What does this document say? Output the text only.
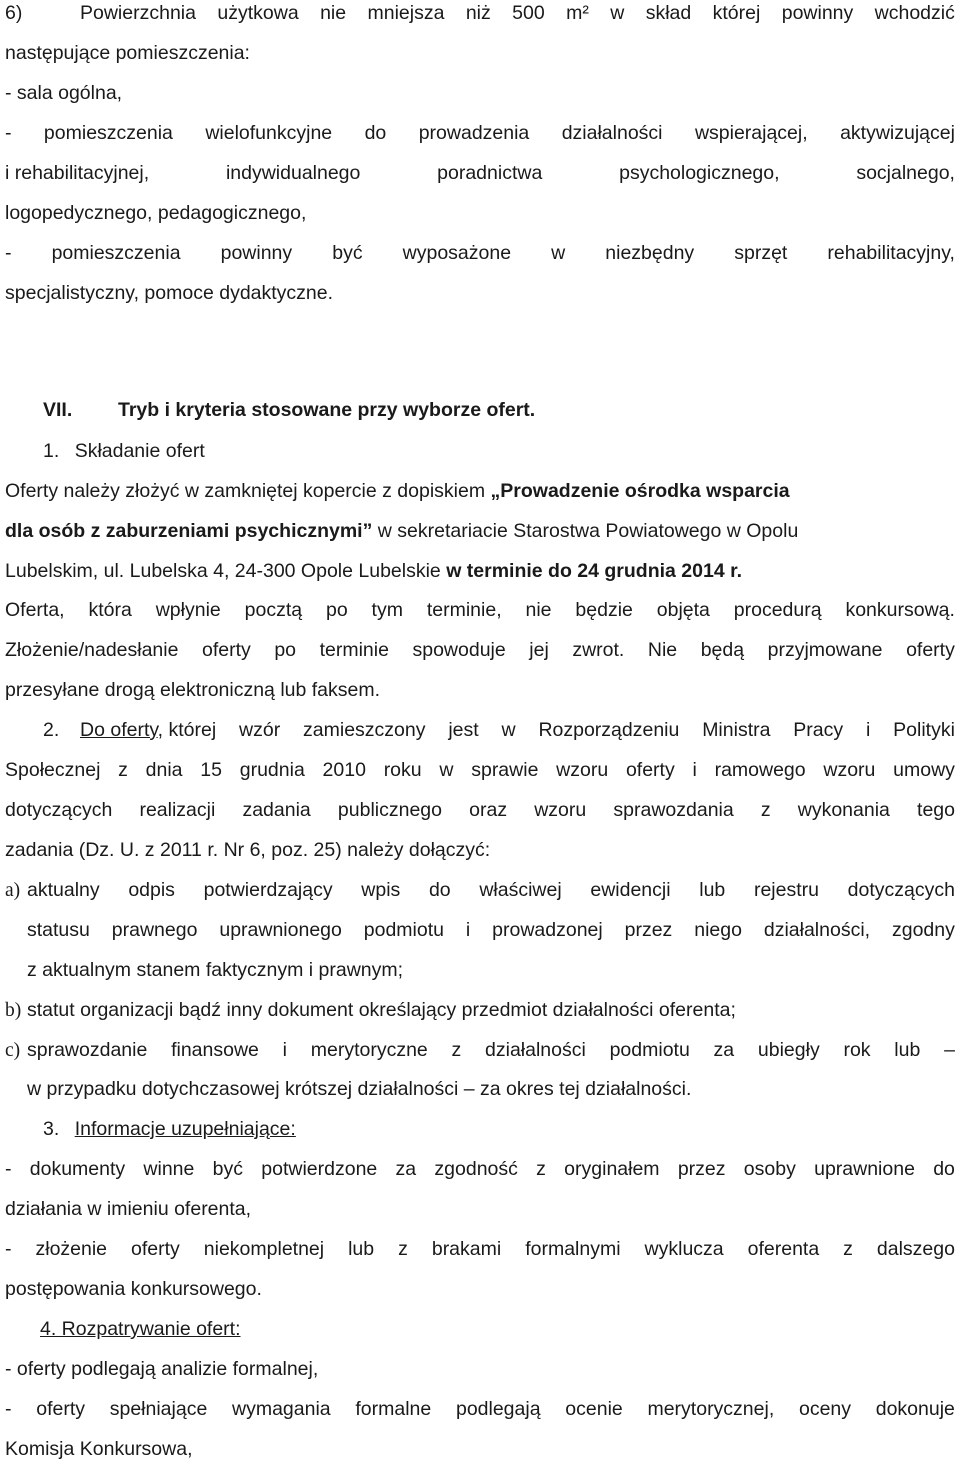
6)	Powierzchnia użytkowa nie mniejsza niż 500 m² w skład której powinny wchodzić
następujące pomieszczenia:
- sala ogólna,
- pomieszczenia wielofunkcyjne do prowadzenia działalności wspierającej, aktywizującej
i rehabilitacyjnej,	indywidualnego	poradnictwa	psychologicznego,	socjalnego,
logopedycznego, pedagogicznego,
- pomieszczenia powinny być wyposażone w niezbędny sprzęt rehabilitacyjny,
specjalistyczny, pomoce dydaktyczne.
VII. Tryb i kryteria stosowane przy wyborze ofert.
1. Składanie ofert
Oferty należy złożyć w zamkniętej kopercie z dopiskiem „Prowadzenie ośrodka wsparcia
dla osób z zaburzeniami psychicznymi” w sekretariacie Starostwa Powiatowego w Opolu
Lubelskim, ul. Lubelska 4, 24-300 Opole Lubelskie w terminie do 24 grudnia 2014 r.
Oferta, która wpłynie pocztą po tym terminie, nie będzie objęta procedurą konkursową.
Złożenie/nadesłanie oferty po terminie spowoduje jej zwrot. Nie będą przyjmowane oferty
przesyłane drogą elektroniczną lub faksem.
2. Do oferty, której wzór zamieszczony jest w Rozporządzeniu Ministra Pracy i Polityki
Społecznej z dnia 15 grudnia 2010 roku w sprawie wzoru oferty i ramowego wzoru umowy
dotyczących realizacji zadania publicznego oraz wzoru sprawozdania z wykonania tego
zadania (Dz. U. z 2011 r. Nr 6, poz. 25) należy dołączyć:
a) aktualny odpis potwierdzający wpis do właściwej ewidencji lub rejestru dotyczących
statusu prawnego uprawnionego podmiotu i prowadzonej przez niego działalności, zgodny
z aktualnym stanem faktycznym i prawnym;
b) statut organizacji bądź inny dokument określający przedmiot działalności oferenta;
c) sprawozdanie finansowe i merytoryczne z działalności podmiotu za ubiegły rok lub –
w przypadku dotychczasowej krótszej działalności – za okres tej działalności.
3. Informacje uzupełniające:
- dokumenty winne być potwierdzone za zgodność z oryginałem przez osoby uprawnione do
działania w imieniu oferenta,
- złożenie oferty niekompletnej lub z brakami formalnymi wyklucza oferenta z dalszego
postępowania konkursowego.
4. Rozpatrywanie ofert:
- oferty podlegają analizie formalnej,
- oferty spełniające wymagania formalne podlegają ocenie merytorycznej, oceny dokonuje
Komisja Konkursowa,
